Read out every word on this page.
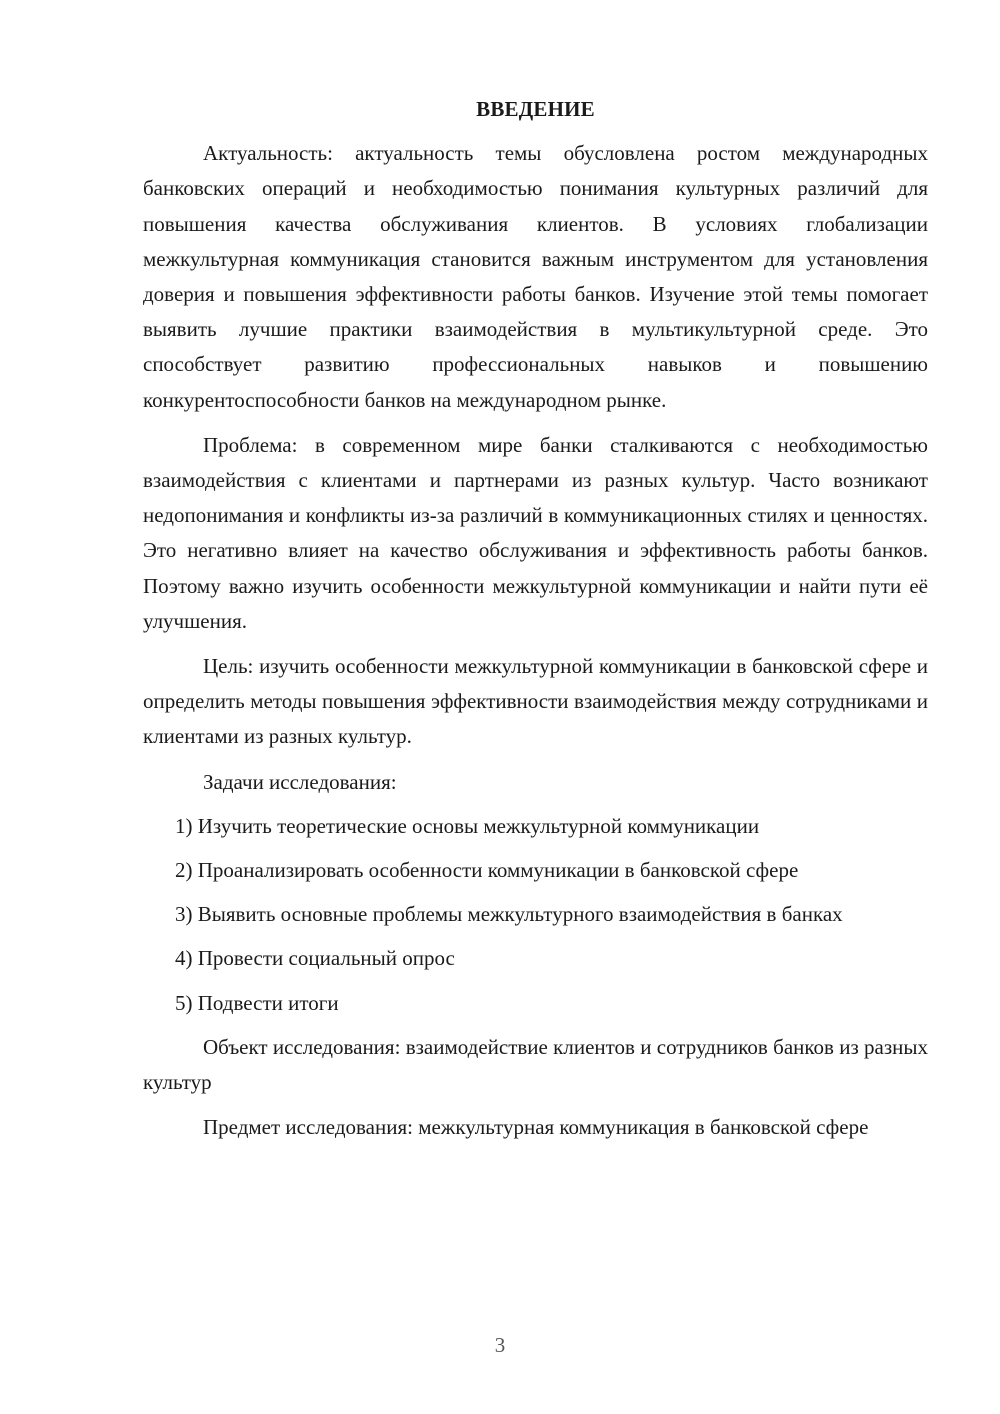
ВВЕДЕНИЕ

Актуальность: актуальность темы обусловлена ростом международных банковских операций и необходимостью понимания культурных различий для повышения качества обслуживания клиентов. В условиях глобализации межкультурная коммуникация становится важным инструментом для установления доверия и повышения эффективности работы банков. Изучение этой темы помогает выявить лучшие практики взаимодействия в мультикультурной среде. Это способствует развитию профессиональных навыков и повышению конкурентоспособности банков на международном рынке.

Проблема: в современном мире банки сталкиваются с необходимостью взаимодействия с клиентами и партнерами из разных культур. Часто возникают недопонимания и конфликты из-за различий в коммуникационных стилях и ценностях. Это негативно влияет на качество обслуживания и эффективность работы банков. Поэтому важно изучить особенности межкультурной коммуникации и найти пути её улучшения.

Цель: изучить особенности межкультурной коммуникации в банковской сфере и определить методы повышения эффективности взаимодействия между сотрудниками и клиентами из разных культур.

Задачи исследования:

1) Изучить теоретические основы межкультурной коммуникации

2) Проанализировать особенности коммуникации в банковской сфере

3) Выявить основные проблемы межкультурного взаимодействия в банках

4) Провести социальный опрос

5) Подвести итоги

Объект исследования: взаимодействие клиентов и сотрудников банков из разных культур

Предмет исследования: межкультурная коммуникация в банковской сфере

3
